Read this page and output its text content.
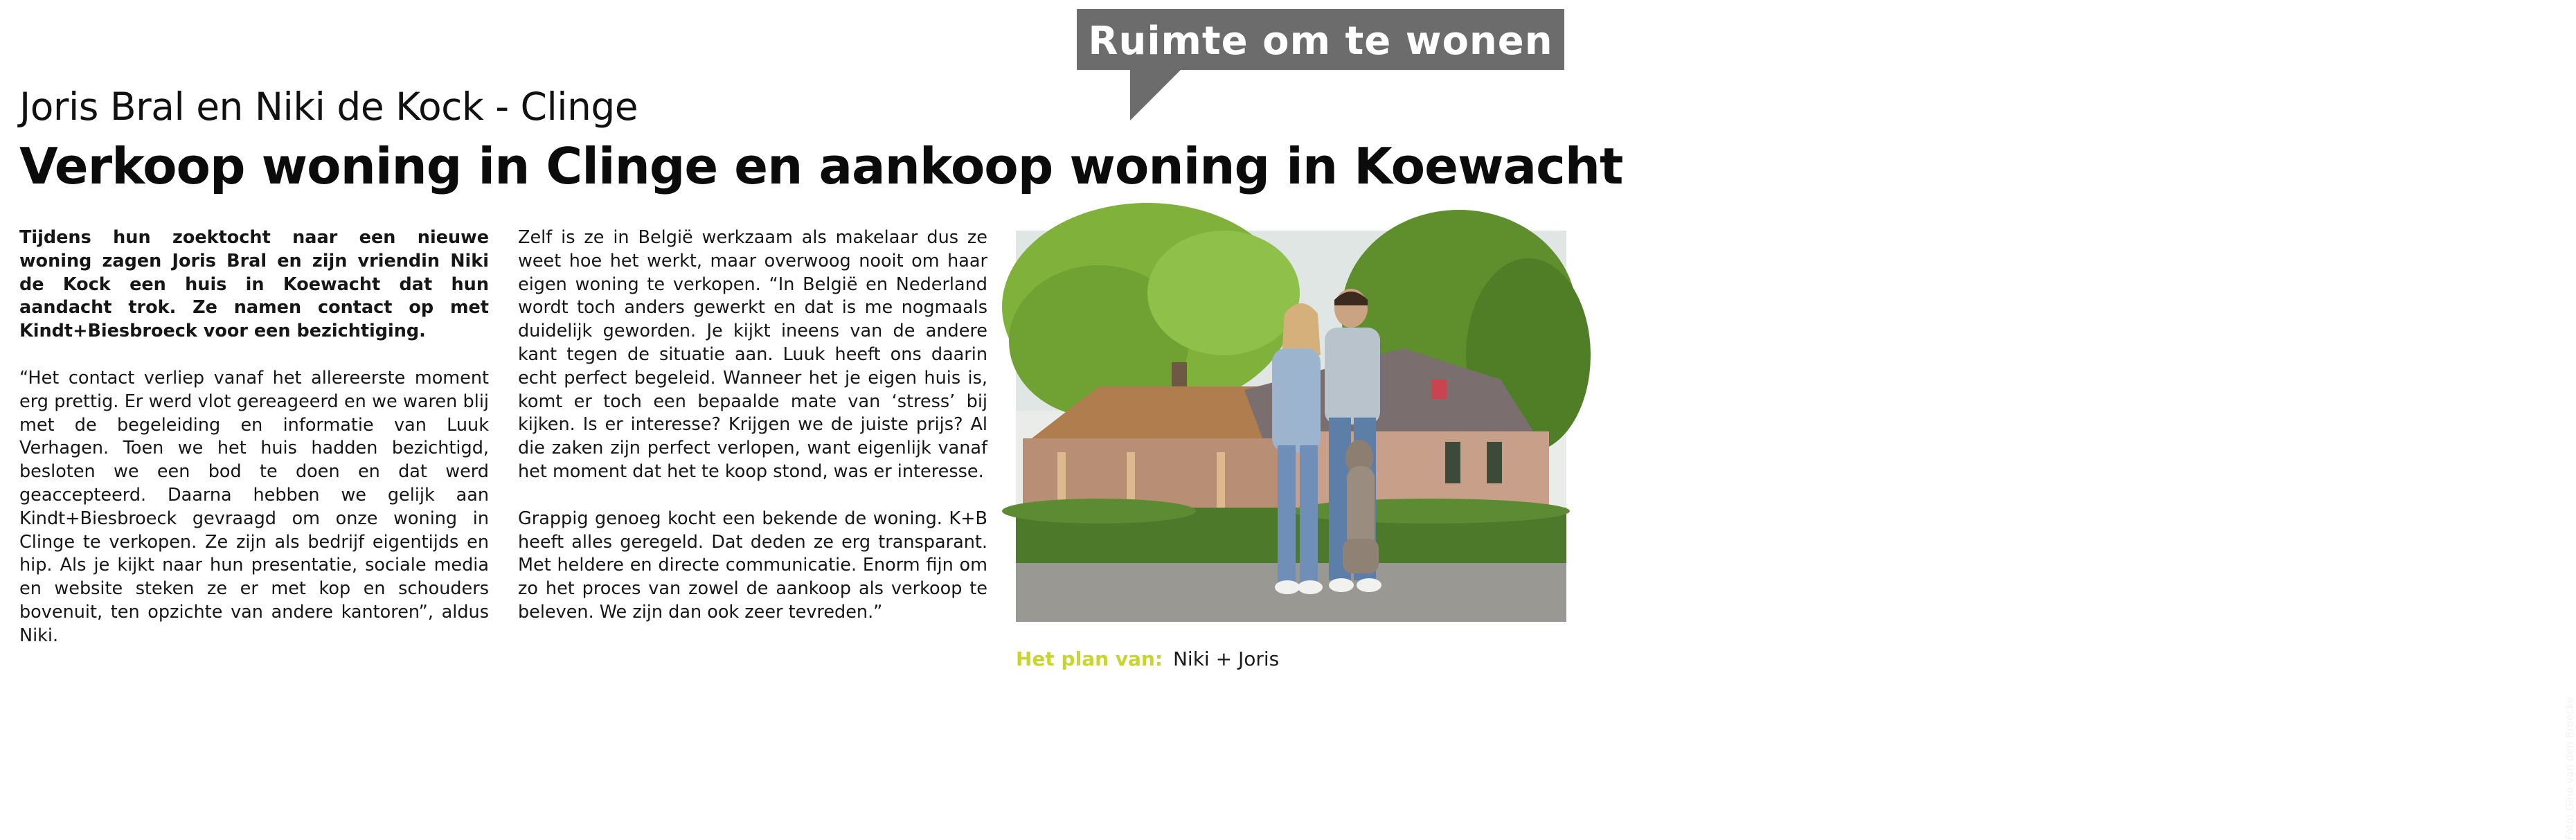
Ruimte om te wonen
Joris Bral en Niki de Kock - Clinge
Verkoop woning in Clinge en aankoop woning in Koewacht

Tijdens hun zoektocht naar een nieuwe woning zagen Joris Bral en zijn vriendin Niki de Kock een huis in Koewacht dat hun aandacht trok. Ze namen contact op met Kindt+Biesbroeck voor een bezichtiging.

“Het contact verliep vanaf het allereerste moment erg prettig. Er werd vlot gereageerd en we waren blij met de begeleiding en informatie van Luuk Verhagen. Toen we het huis hadden bezichtigd, besloten we een bod te doen en dat werd geaccepteerd. Daarna hebben we gelijk aan Kindt+Biesbroeck gevraagd om onze woning in Clinge te verkopen. Ze zijn als bedrijf eigentijds en hip. Als je kijkt naar hun presentatie, sociale media en website steken ze er met kop en schouders bovenuit, ten opzichte van andere kantoren”, aldus Niki.

Zelf is ze in België werkzaam als makelaar dus ze weet hoe het werkt, maar overwoog nooit om haar eigen woning te verkopen. “In België en Nederland wordt toch anders gewerkt en dat is me nogmaals duidelijk geworden. Je kijkt ineens van de andere kant tegen de situatie aan. Luuk heeft ons daarin echt perfect begeleid. Wanneer het je eigen huis is, komt er toch een bepaalde mate van ‘stress’ bij kijken. Is er interesse? Krijgen we de juiste prijs? Al die zaken zijn perfect verlopen, want eigenlijk vanaf het moment dat het te koop stond, was er interesse.

Grappig genoeg kocht een bekende de woning. K+B heeft alles geregeld. Dat deden ze erg transparant. Met heldere en directe communicatie. Enorm fijn om zo het proces van zowel de aankoop als verkoop te beleven. We zijn dan ook zeer tevreden.”

Foto: Gino van den Broecke
Het plan van: Niki + Joris
